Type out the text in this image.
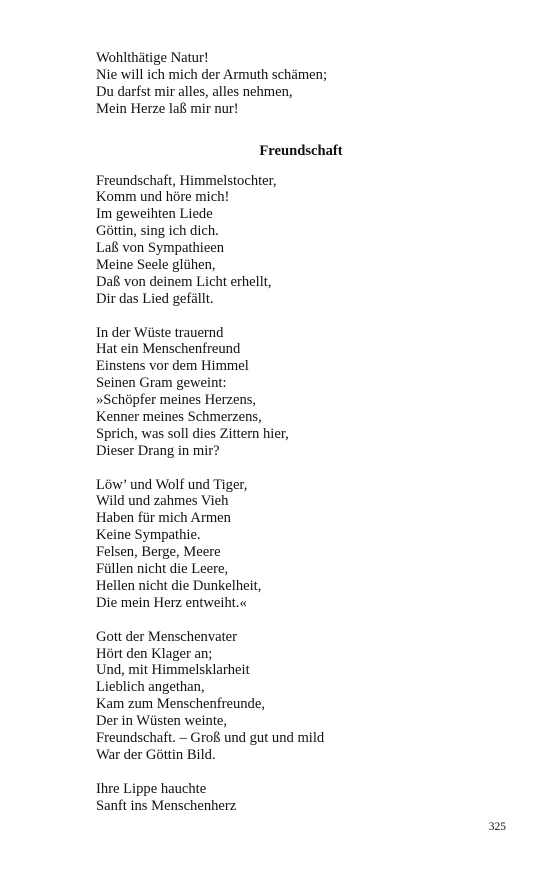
Wohlthätige Natur!
Nie will ich mich der Armuth schämen;
Du darfst mir alles, alles nehmen,
Mein Herze laß mir nur!
Freundschaft
Freundschaft, Himmelstochter,
Komm und höre mich!
Im geweihten Liede
Göttin, sing ich dich.
Laß von Sympathieen
Meine Seele glühen,
Daß von deinem Licht erhellt,
Dir das Lied gefällt.
In der Wüste trauernd
Hat ein Menschenfreund
Einstens vor dem Himmel
Seinen Gram geweint:
»Schöpfer meines Herzens,
Kenner meines Schmerzens,
Sprich, was soll dies Zittern hier,
Dieser Drang in mir?
Löw’ und Wolf und Tiger,
Wild und zahmes Vieh
Haben für mich Armen
Keine Sympathie.
Felsen, Berge, Meere
Füllen nicht die Leere,
Hellen nicht die Dunkelheit,
Die mein Herz entweiht.«
Gott der Menschenvater
Hört den Klager an;
Und, mit Himmelsklarheit
Lieblich angethan,
Kam zum Menschenfreunde,
Der in Wüsten weinte,
Freundschaft. – Groß und gut und mild
War der Göttin Bild.
Ihre Lippe hauchte
Sanft ins Menschenherz
325
